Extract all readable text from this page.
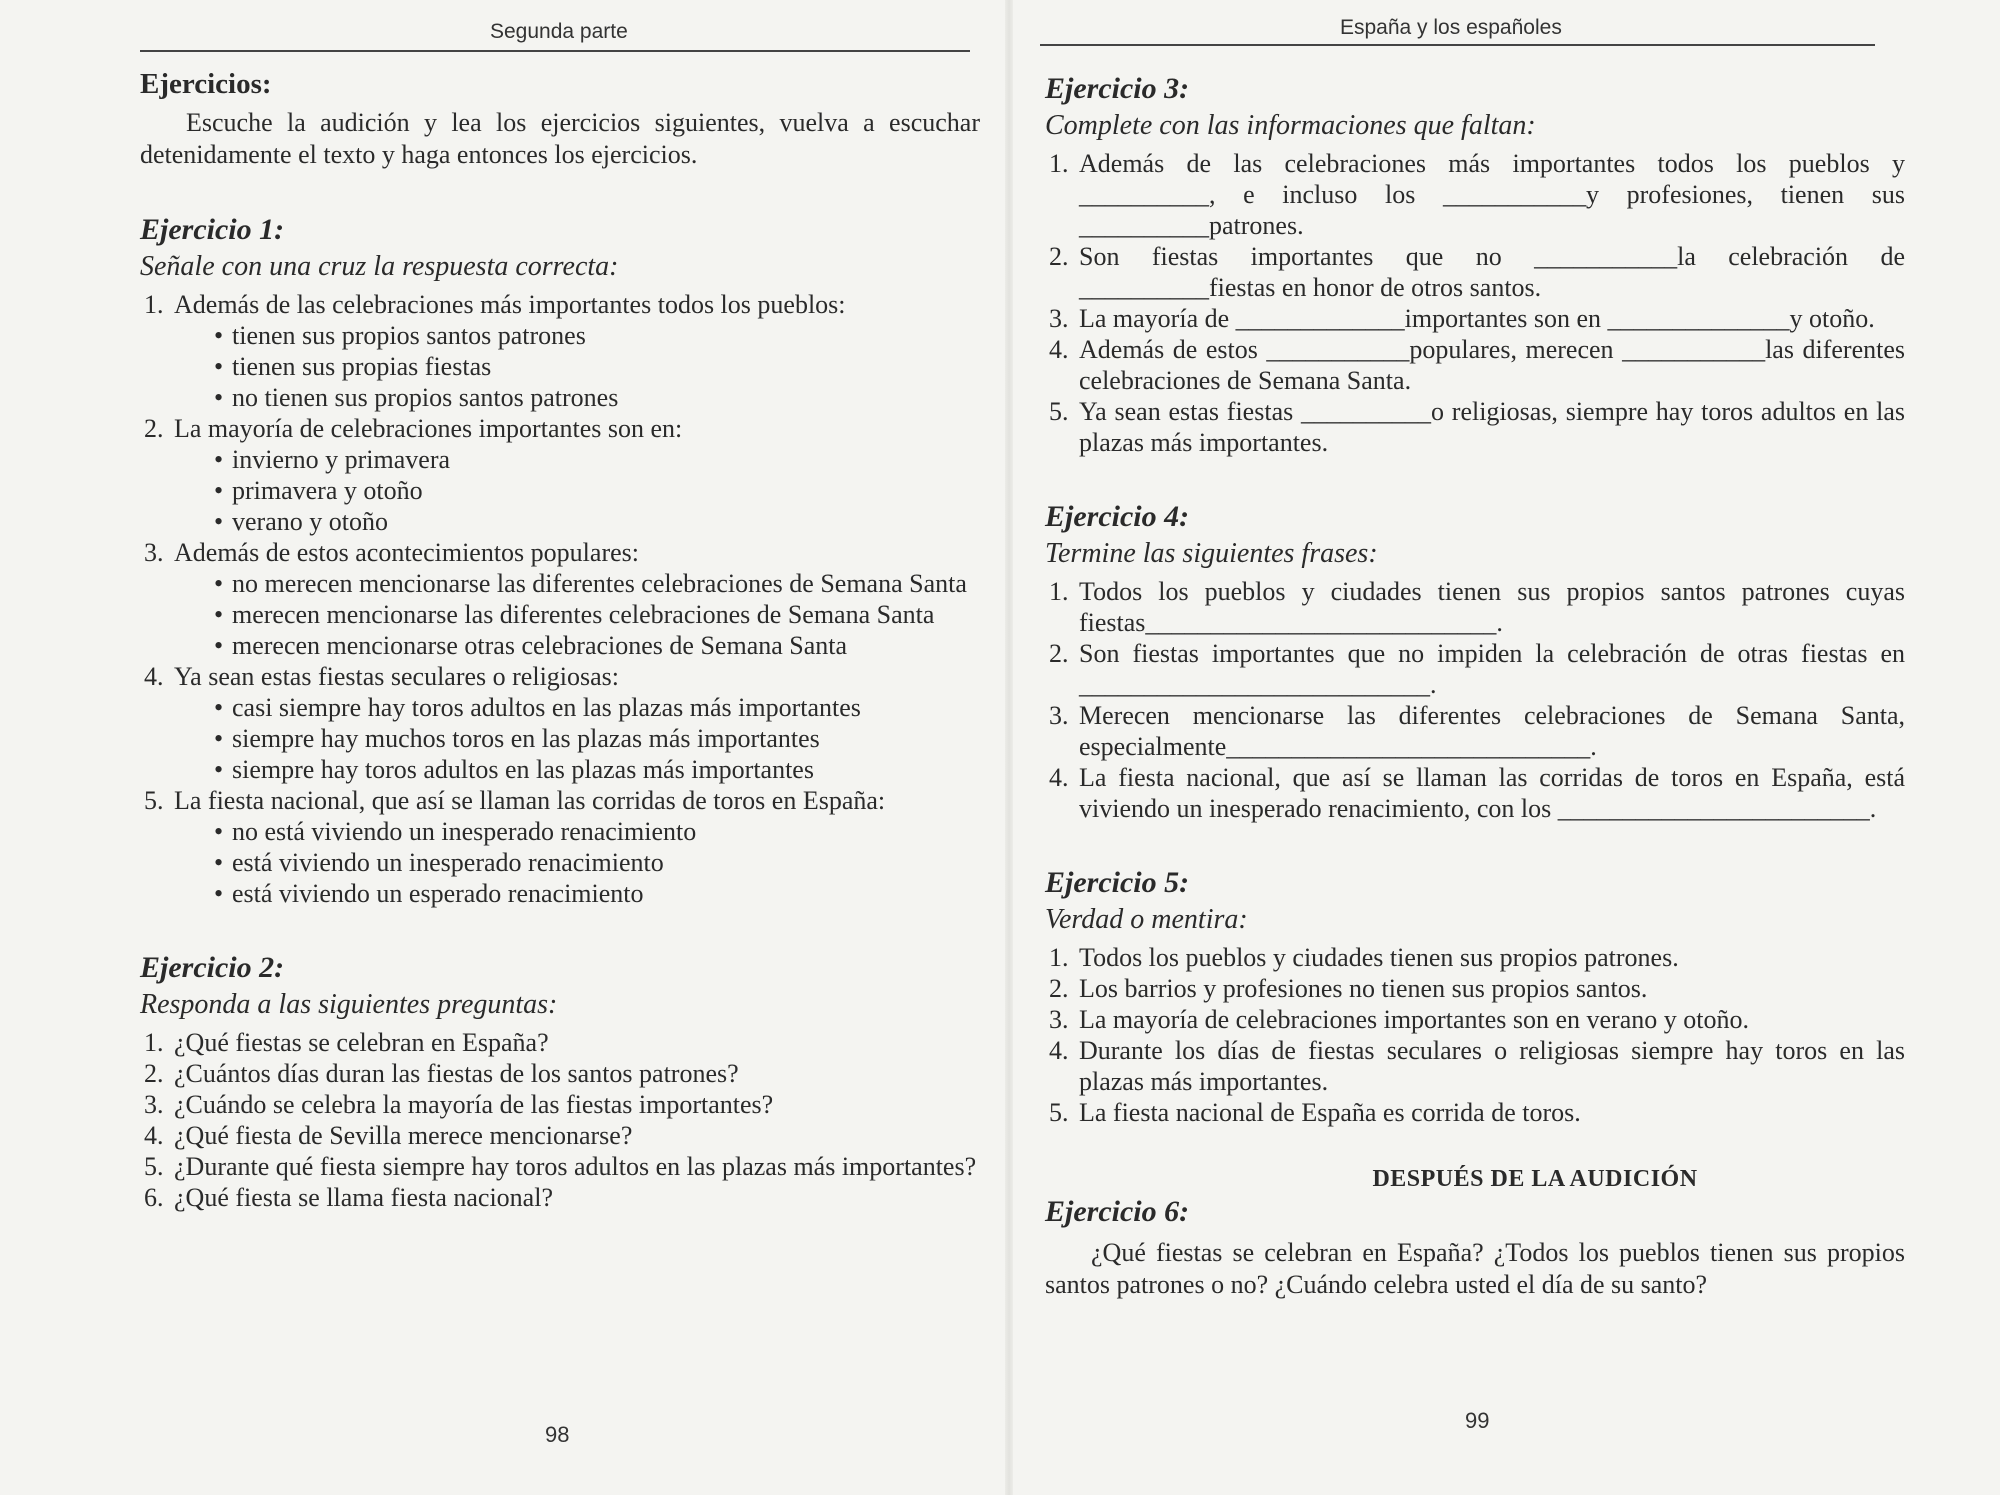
Segunda parte
Ejercicios:

Escuche la audición y lea los ejercicios siguientes, vuelva a escuchar detenidamente el texto y haga entonces los ejercicios.

Ejercicio 1:

Señale con una cruz la respuesta correcta:

1. Además de las celebraciones más importantes todos los pueblos:
• tienen sus propios santos patrones
• tienen sus propias fiestas
• no tienen sus propios santos patrones
2. La mayoría de celebraciones importantes son en:
• invierno y primavera
• primavera y otoño
• verano y otoño
3. Además de estos acontecimientos populares:
• no merecen mencionarse las diferentes celebraciones de Semana Santa
• merecen mencionarse las diferentes celebraciones de Semana Santa
• merecen mencionarse otras celebraciones de Semana Santa
4. Ya sean estas fiestas seculares o religiosas:
• casi siempre hay toros adultos en las plazas más importantes
• siempre hay muchos toros en las plazas más importantes
• siempre hay toros adultos en las plazas más importantes
5. La fiesta nacional, que así se llaman las corridas de toros en España:
• no está viviendo un inesperado renacimiento
• está viviendo un inesperado renacimiento
• está viviendo un esperado renacimiento
Ejercicio 2:

Responda a las siguientes preguntas:

1. ¿Qué fiestas se celebran en España?
2. ¿Cuántos días duran las fiestas de los santos patrones?
3. ¿Cuándo se celebra la mayoría de las fiestas importantes?
4. ¿Qué fiesta de Sevilla merece mencionarse?
5. ¿Durante qué fiesta siempre hay toros adultos en las plazas más importantes?
6. ¿Qué fiesta se llama fiesta nacional?
98
España y los españoles
Ejercicio 3:

Complete con las informaciones que faltan:

1. Además de las celebraciones más importantes todos los pueblos y __________, e incluso los ___________y profesiones, tienen sus __________patrones.
2. Son fiestas importantes que no ___________la celebración de __________fiestas en honor de otros santos.
3. La mayoría de _____________importantes son en ______________y otoño.
4. Además de estos ___________populares, merecen ___________las diferentes celebraciones de Semana Santa.
5. Ya sean estas fiestas __________o religiosas, siempre hay toros adultos en las plazas más importantes.
Ejercicio 4:

Termine las siguientes frases:

1. Todos los pueblos y ciudades tienen sus propios santos patrones cuyas fiestas___________________________.
2. Son fiestas importantes que no impiden la celebración de otras fiestas en ___________________________.
3. Merecen mencionarse las diferentes celebraciones de Semana Santa, especialmente____________________________.
4. La fiesta nacional, que así se llaman las corridas de toros en España, está viviendo un inesperado renacimiento, con los ________________________.
Ejercicio 5:

Verdad o mentira:

1. Todos los pueblos y ciudades tienen sus propios patrones.
2. Los barrios y profesiones no tienen sus propios santos.
3. La mayoría de celebraciones importantes son en verano y otoño.
4. Durante los días de fiestas seculares o religiosas siempre hay toros en las plazas más importantes.
5. La fiesta nacional de España es corrida de toros.
DESPUÉS DE LA AUDICIÓN
Ejercicio 6:

¿Qué fiestas se celebran en España? ¿Todos los pueblos tienen sus propios santos patrones o no? ¿Cuándo celebra usted el día de su santo?

99
